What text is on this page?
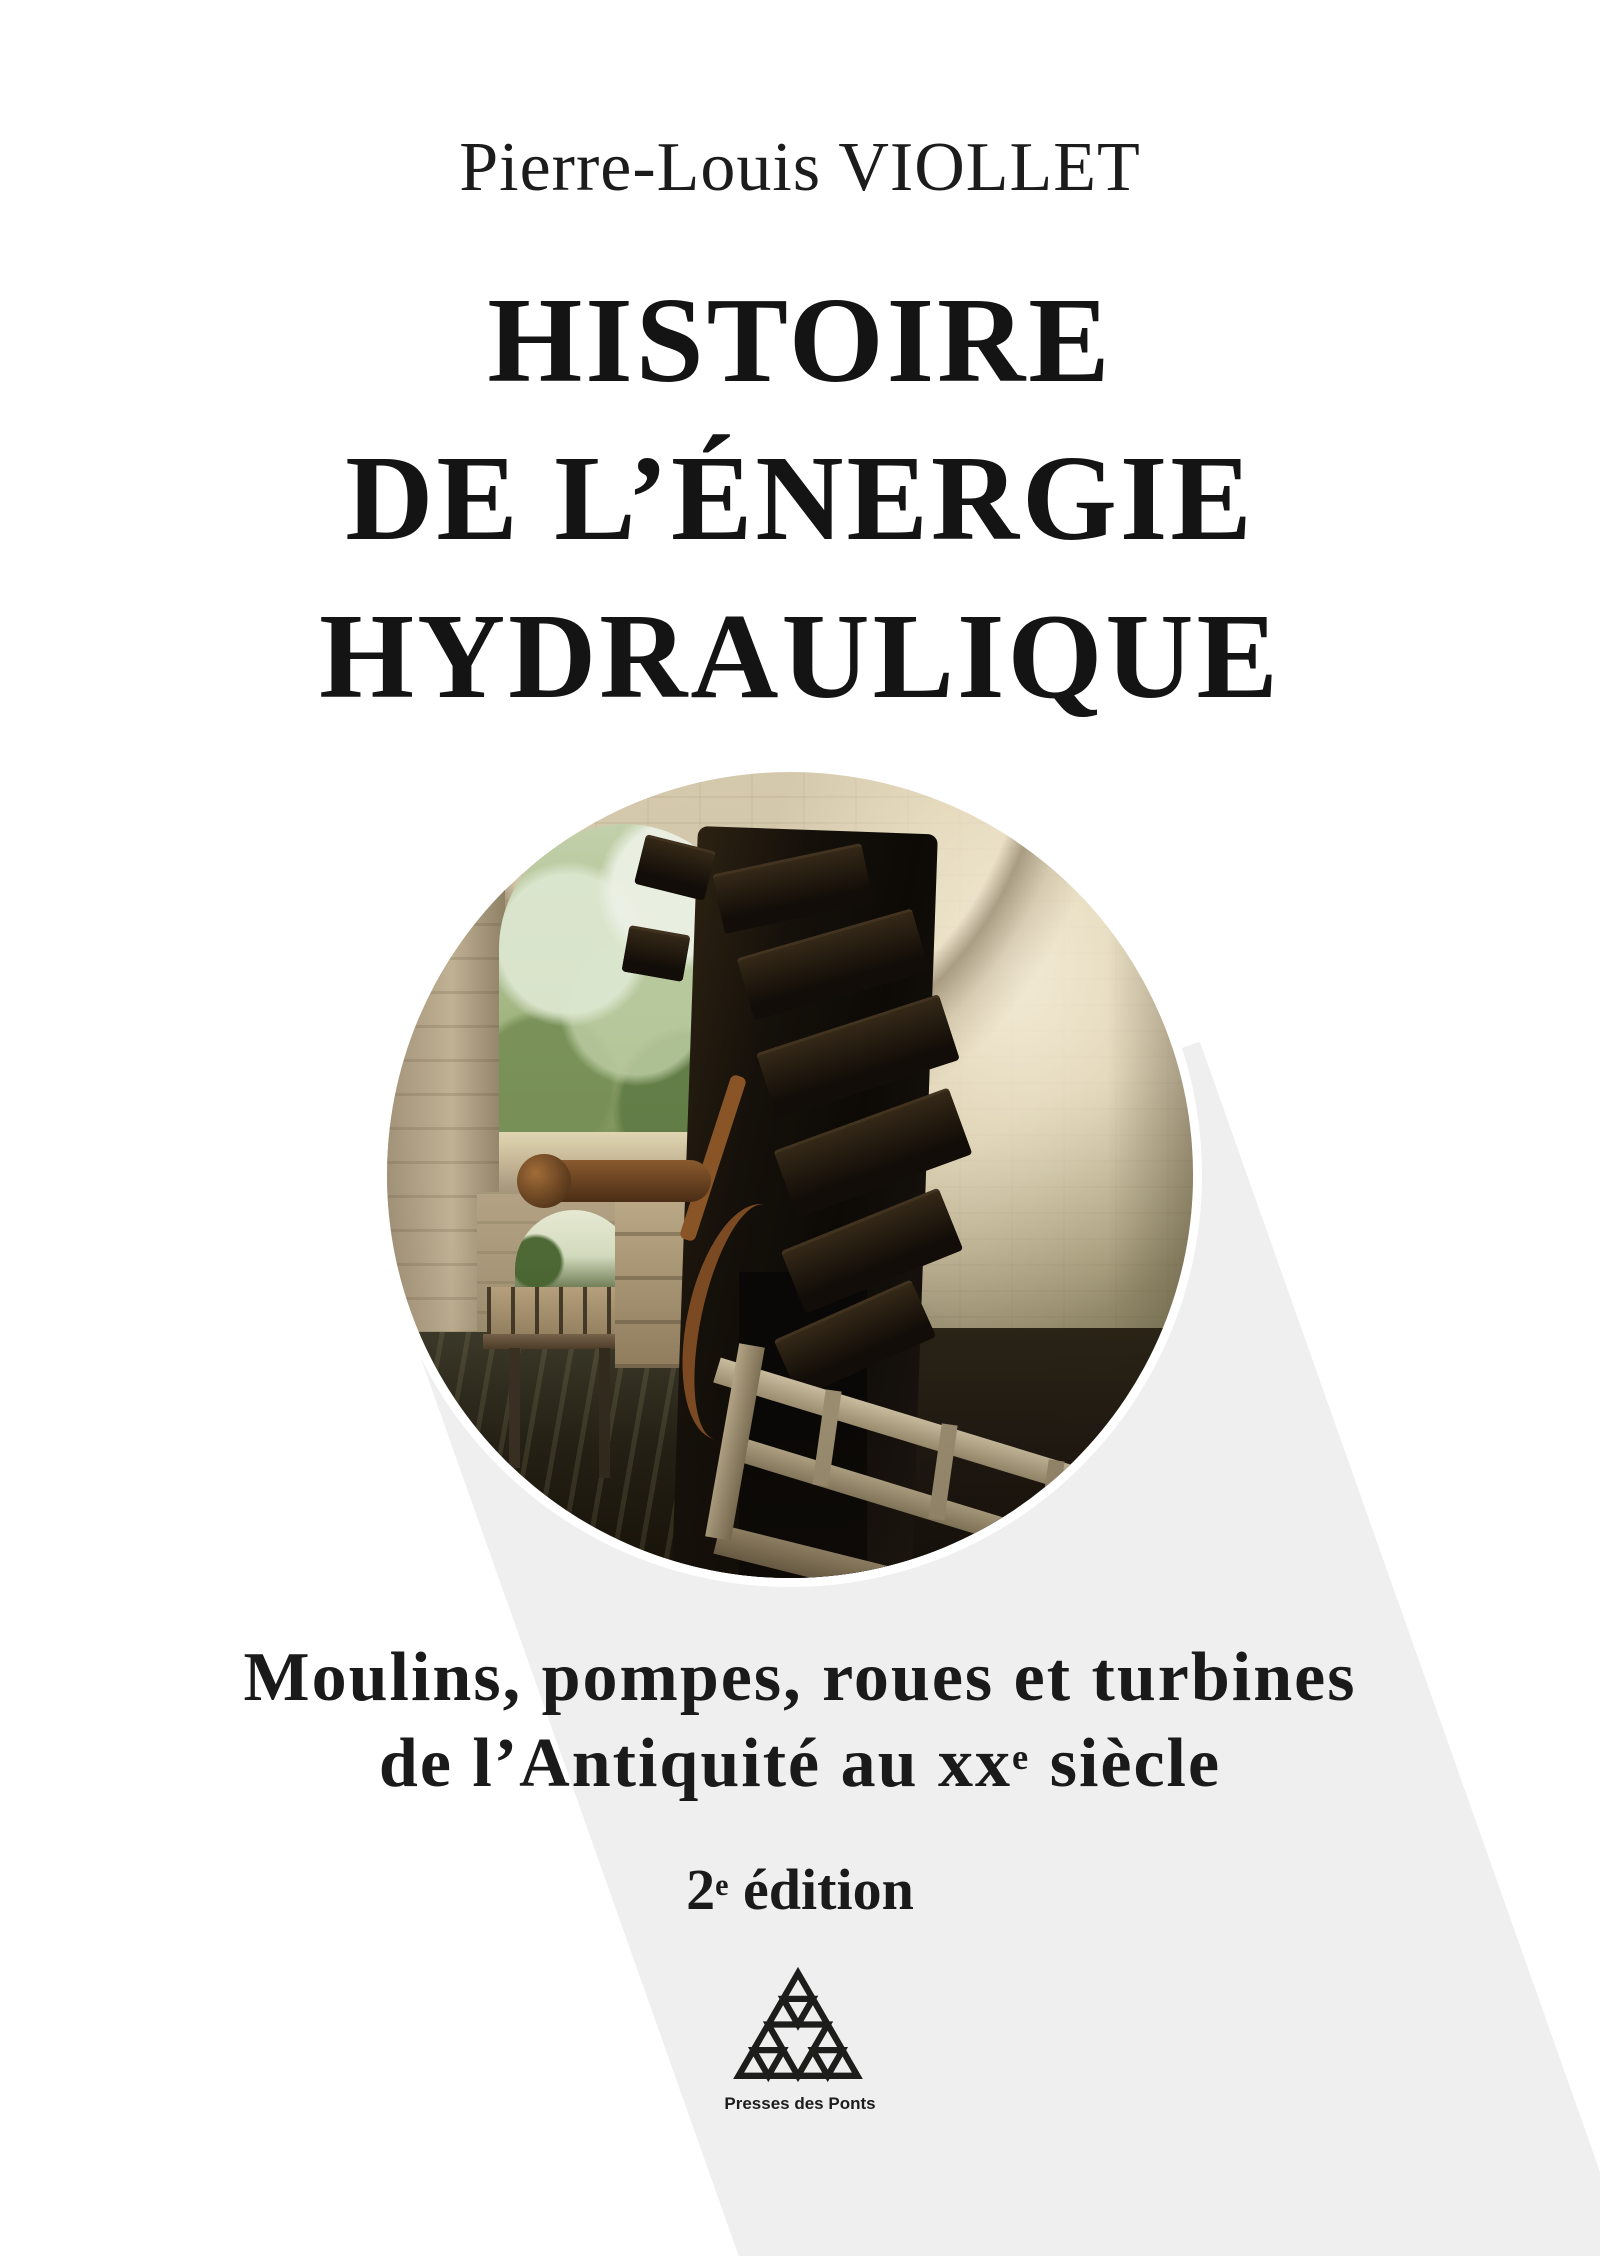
Pierre-Louis VIOLLET
HISTOIRE
DE L’ÉNERGIE
HYDRAULIQUE
Moulins, pompes, roues et turbines
de l’Antiquité au $xx^e$ siècle
2e édition
Presses des Ponts
